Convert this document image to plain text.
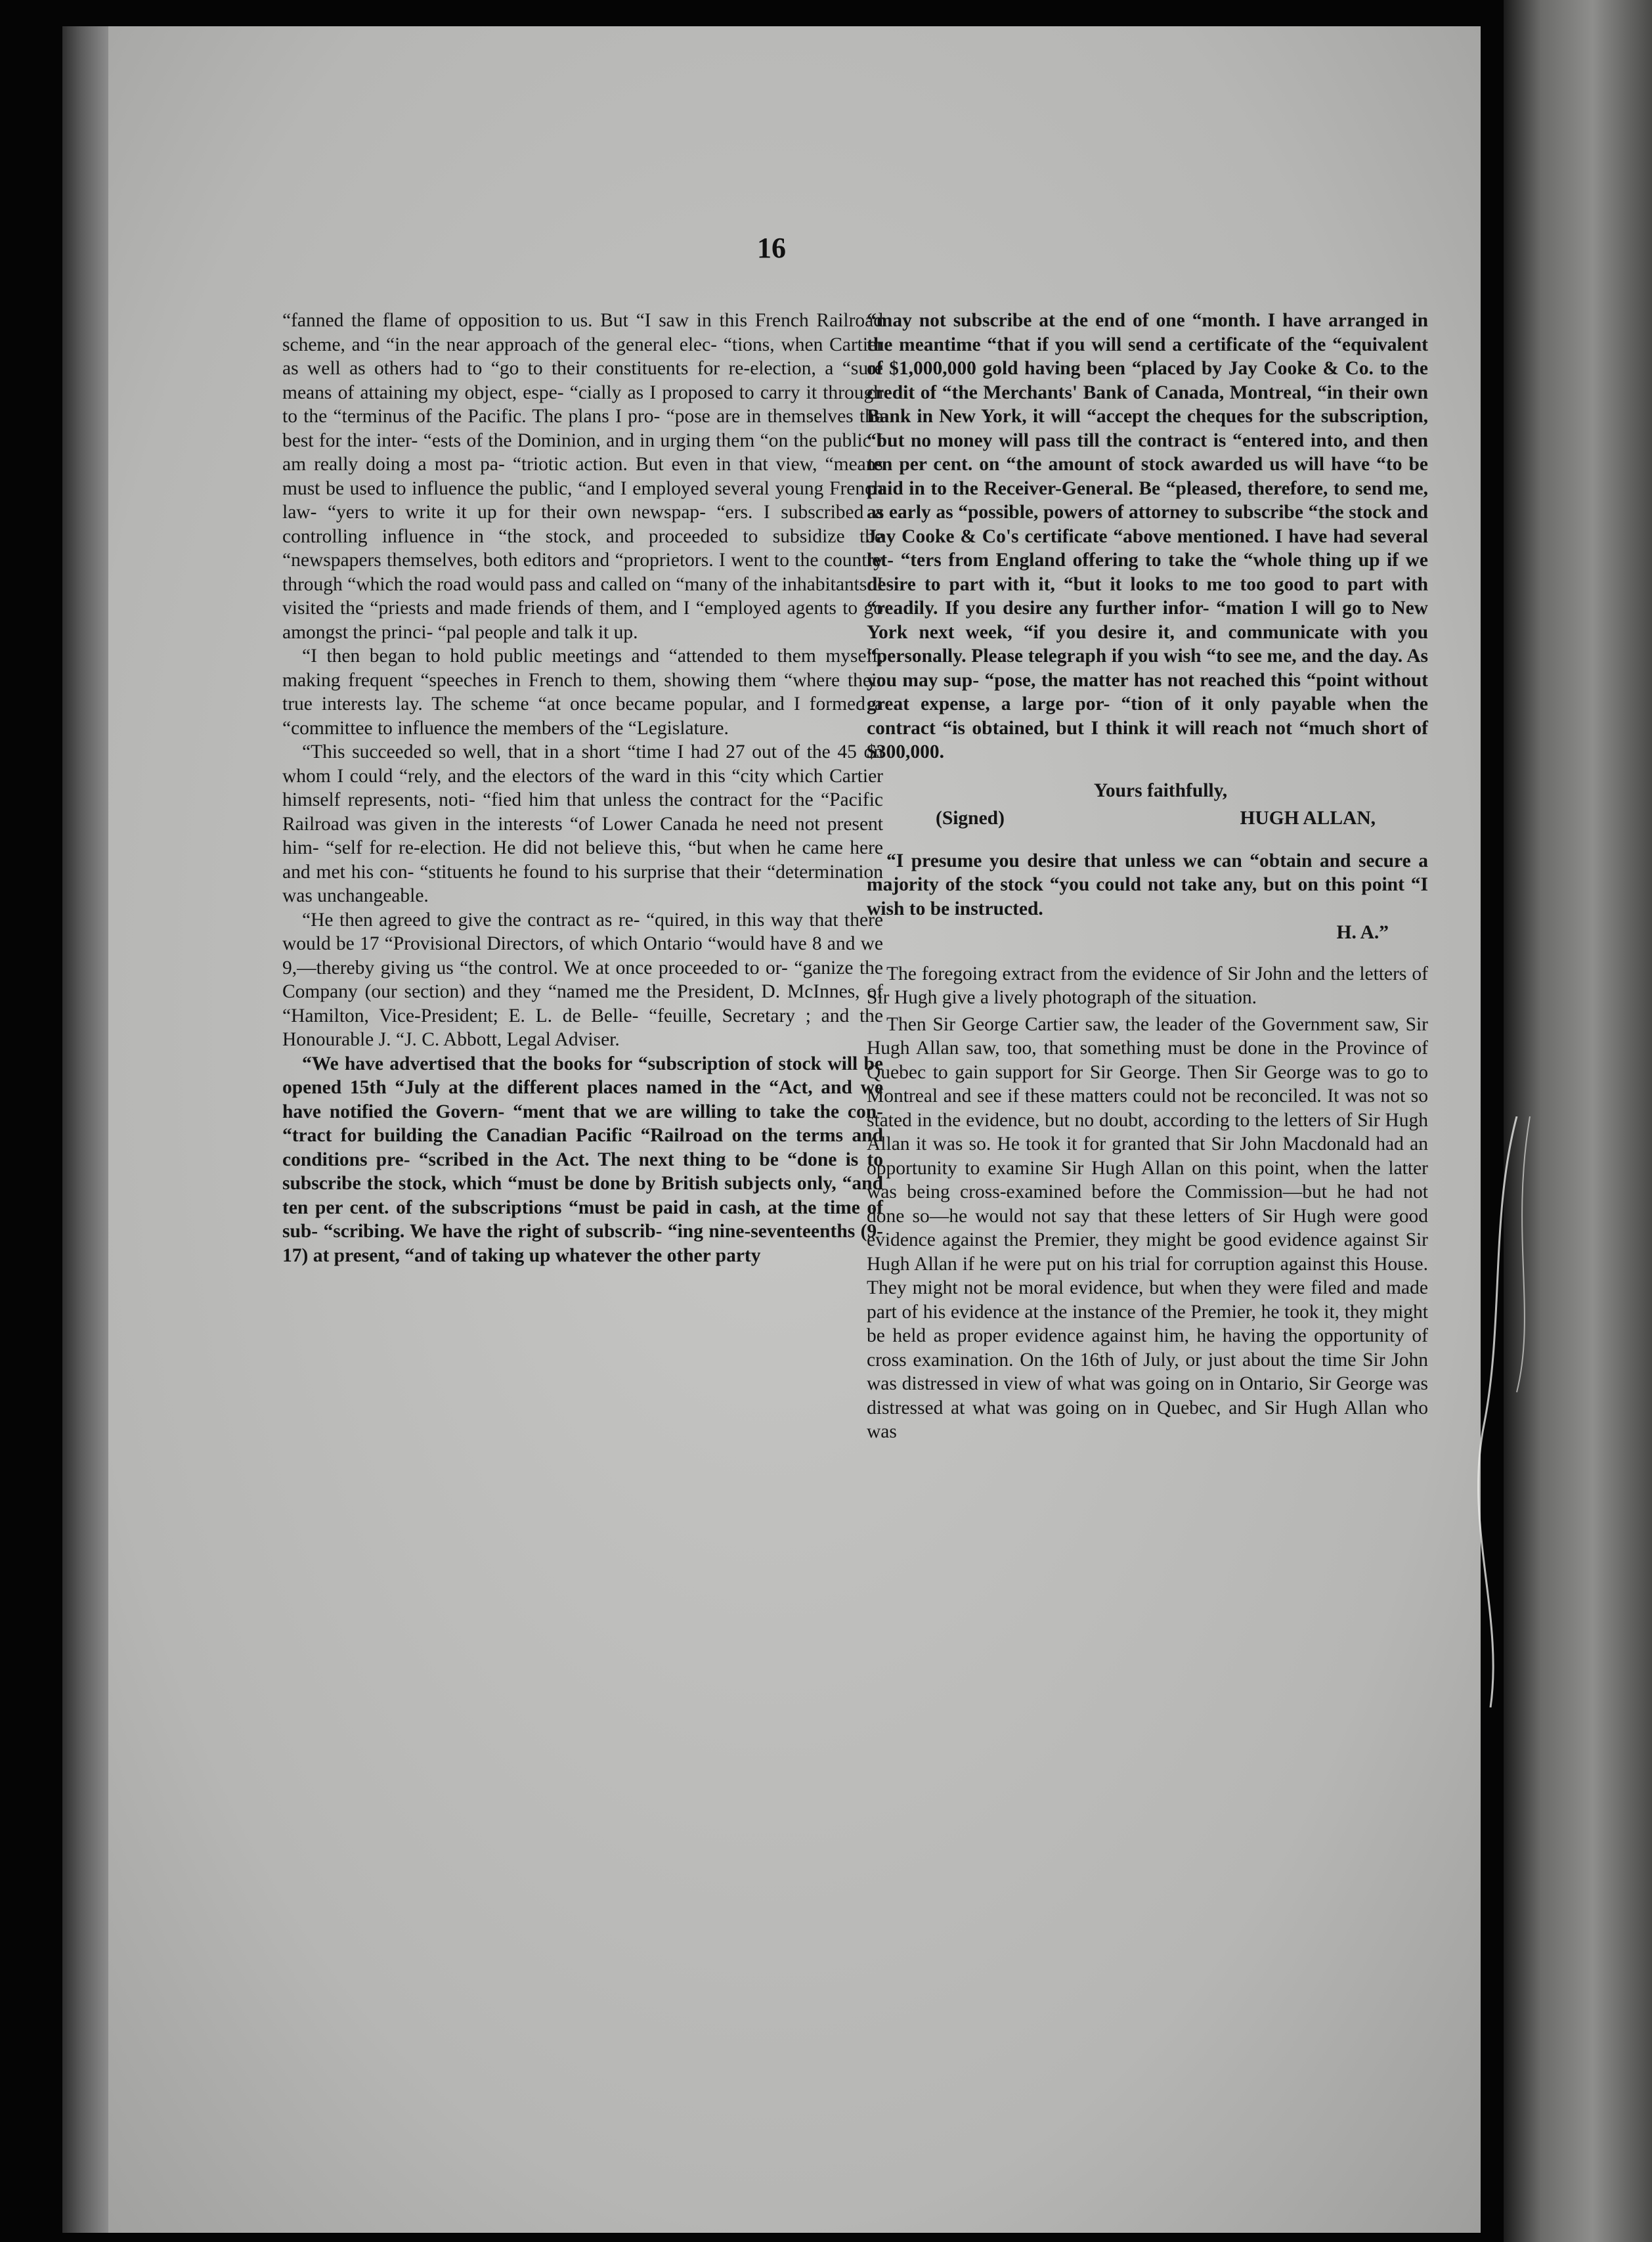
16

“fanned the flame of opposition to us. But “I saw in this French Railroad scheme, and “in the near approach of the general elec- “tions, when Cartier as well as others had to “go to their constituents for re-election, a “sure means of attaining my object, espe- “cially as I proposed to carry it through to the “terminus of the Pacific. The plans I pro- “pose are in themselves the best for the inter- “ests of the Dominion, and in urging them “on the public I am really doing a most pa- “triotic action. But even in that view, “means must be used to influence the public, “and I employed several young French law- “yers to write it up for their own newspap- “ers. I subscribed a controlling influence in “the stock, and proceeded to subsidize the “newspapers themselves, both editors and “proprietors. I went to the country through “which the road would pass and called on “many of the inhabitants. I visited the “priests and made friends of them, and I “employed agents to go amongst the princi- “pal people and talk it up.

“I then began to hold public meetings and “attended to them myself, making frequent “speeches in French to them, showing them “where their true interests lay. The scheme “at once became popular, and I formed a “committee to influence the members of the “Legislature.

“This succeeded so well, that in a short “time I had 27 out of the 45 on whom I could “rely, and the electors of the ward in this “city which Cartier himself represents, noti- “fied him that unless the contract for the “Pacific Railroad was given in the interests “of Lower Canada he need not present him- “self for re-election. He did not believe this, “but when he came here and met his con- “stituents he found to his surprise that their “determination was unchangeable.

“He then agreed to give the contract as re- “quired, in this way that there would be 17 “Provisional Directors, of which Ontario “would have 8 and we 9,—thereby giving us “the control. We at once proceeded to or- “ganize the Company (our section) and they “named me the President, D. McInnes, of “Hamilton, Vice-President; E. L. de Belle- “feuille, Secretary ; and the Honourable J. “J. C. Abbott, Legal Adviser.

“We have advertised that the books for “subscription of stock will be opened 15th “July at the different places named in the “Act, and we have notified the Govern- “ment that we are willing to take the con- “tract for building the Canadian Pacific “Railroad on the terms and conditions pre- “scribed in the Act. The next thing to be “done is to subscribe the stock, which “must be done by British subjects only, “and ten per cent. of the subscriptions “must be paid in cash, at the time of sub- “scribing. We have the right of subscrib- “ing nine-seventeenths (9-17) at present, “and of taking up whatever the other party

“may not subscribe at the end of one “month. I have arranged in the meantime “that if you will send a certificate of the “equivalent of $1,000,000 gold having been “placed by Jay Cooke & Co. to the credit of “the Merchants' Bank of Canada, Montreal, “in their own Bank in New York, it will “accept the cheques for the subscription, “but no money will pass till the contract is “entered into, and then ten per cent. on “the amount of stock awarded us will have “to be paid in to the Receiver-General. Be “pleased, therefore, to send me, as early as “possible, powers of attorney to subscribe “the stock and Jay Cooke & Co's certificate “above mentioned. I have had several let- “ters from England offering to take the “whole thing up if we desire to part with it, “but it looks to me too good to part with “readily. If you desire any further infor- “mation I will go to New York next week, “if you desire it, and communicate with you “personally. Please telegraph if you wish “to see me, and the day. As you may sup- “pose, the matter has not reached this “point without great expense, a large por- “tion of it only payable when the contract “is obtained, but I think it will reach not “much short of $300,000.

Yours faithfully,

(Signed)	HUGH ALLAN,

“I presume you desire that unless we can “obtain and secure a majority of the stock “you could not take any, but on this point “I wish to be instructed.

H. A.”

The foregoing extract from the evidence of Sir John and the letters of Sir Hugh give a lively photograph of the situation.

Then Sir George Cartier saw, the leader of the Government saw, Sir Hugh Allan saw, too, that something must be done in the Province of Quebec to gain support for Sir George. Then Sir George was to go to Montreal and see if these matters could not be reconciled. It was not so stated in the evidence, but no doubt, according to the letters of Sir Hugh Allan it was so. He took it for granted that Sir John Macdonald had an opportunity to examine Sir Hugh Allan on this point, when the latter was being cross-examined before the Commission—but he had not done so—he would not say that these letters of Sir Hugh were good evidence against the Premier, they might be good evidence against Sir Hugh Allan if he were put on his trial for corruption against this House. They might not be moral evidence, but when they were filed and made part of his evidence at the instance of the Premier, he took it, they might be held as proper evidence against him, he having the opportunity of cross examination. On the 16th of July, or just about the time Sir John was distressed in view of what was going on in Ontario, Sir George was distressed at what was going on in Quebec, and Sir Hugh Allan who was
